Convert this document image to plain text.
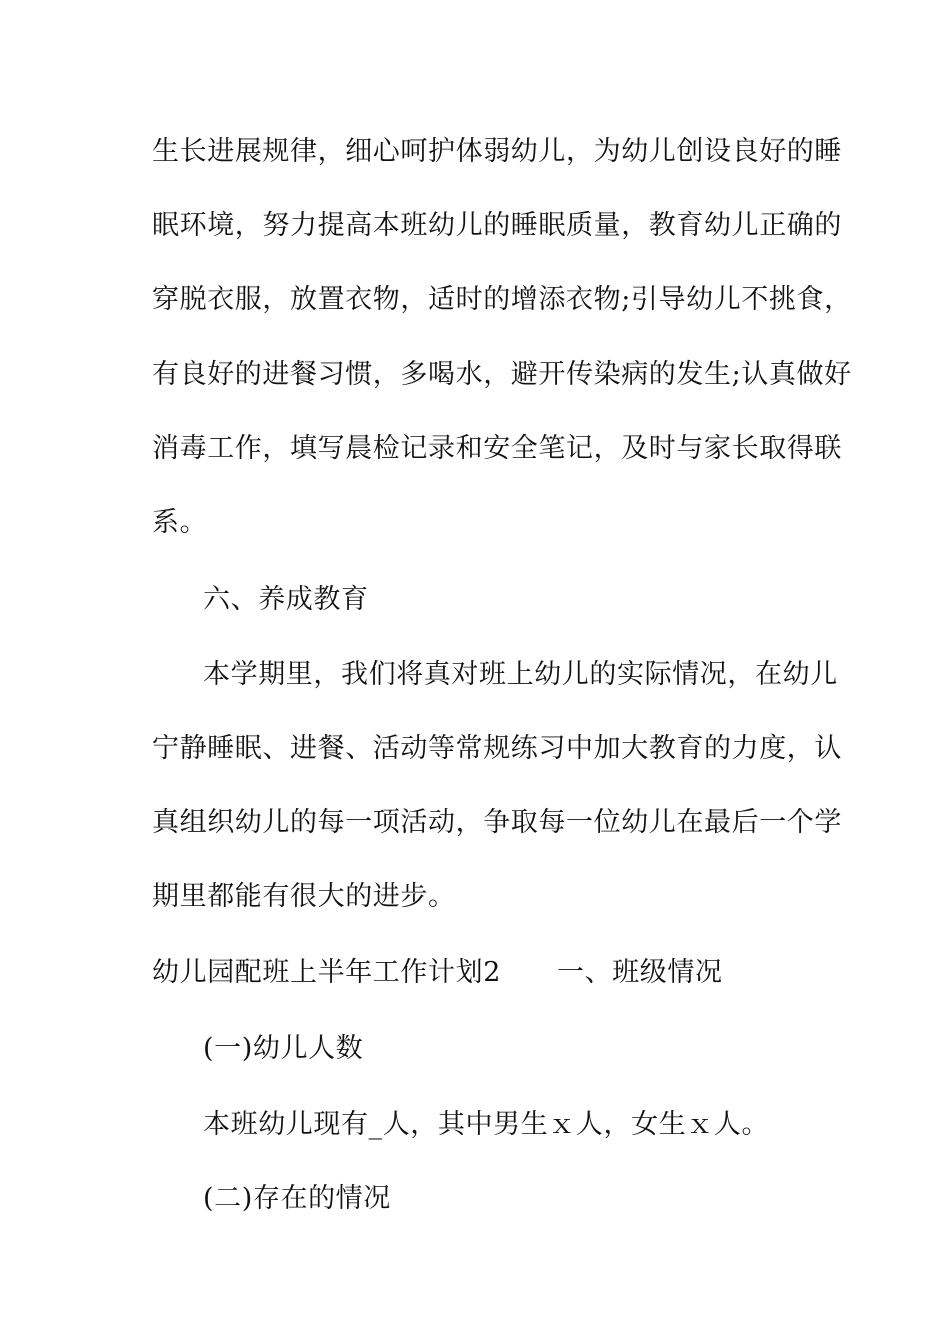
生长进展规律，细心呵护体弱幼儿，为幼儿创设良好的睡
眠环境，努力提高本班幼儿的睡眠质量，教育幼儿正确的
穿脱衣服，放置衣物，适时的增添衣物;引导幼儿不挑食，
有良好的进餐习惯，多喝水，避开传染病的发生;认真做好
消毒工作，填写晨检记录和安全笔记，及时与家长取得联
系。
六、养成教育
本学期里，我们将真对班上幼儿的实际情况，在幼儿
宁静睡眠、进餐、活动等常规练习中加大教育的力度，认
真组织幼儿的每一项活动，争取每一位幼儿在最后一个学
期里都能有很大的进步。
幼儿园配班上半年工作计划2 一、班级情况
(一)幼儿人数
本班幼儿现有_人，其中男生ｘ人，女生ｘ人。
(二)存在的情况
